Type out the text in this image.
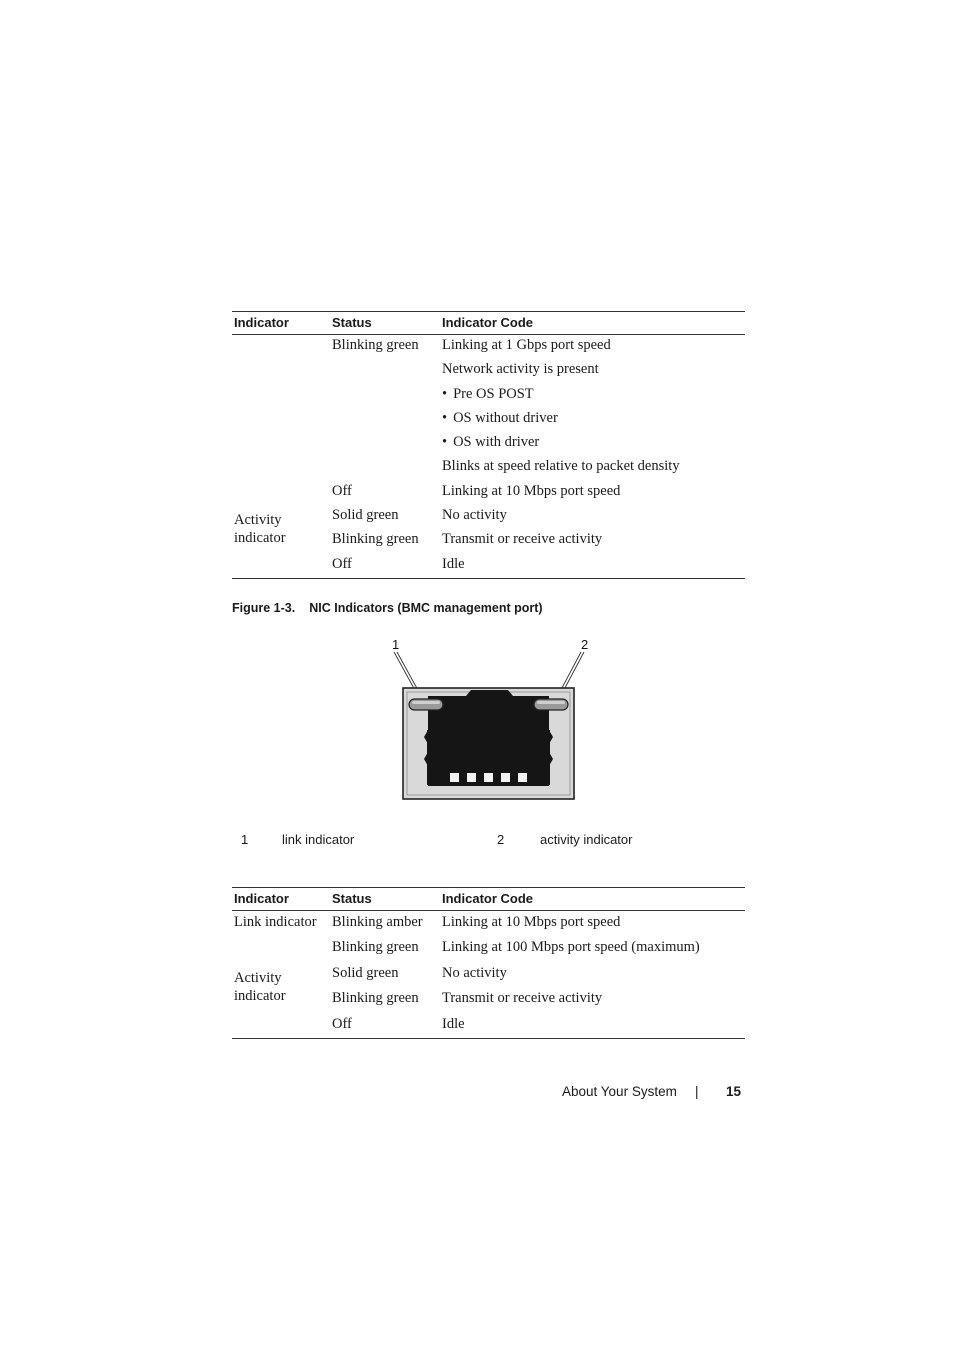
Indicator	Status	Indicator Code
	Blinking green	Linking at 1 Gbps port speed
		Network activity is present
		• Pre OS POST
		• OS without driver
		• OS with driver
		Blinks at speed relative to packet density
	Off	Linking at 10 Mbps port speed
Activity indicator	Solid green	No activity
	Blinking green	Transmit or receive activity
	Off	Idle
Figure 1-3. NIC Indicators (BMC management port)
1	2
1	link indicator	2	activity indicator
Indicator	Status	Indicator Code
Link indicator	Blinking amber	Linking at 10 Mbps port speed
	Blinking green	Linking at 100 Mbps port speed (maximum)
Activity indicator	Solid green	No activity
	Blinking green	Transmit or receive activity
	Off	Idle
About Your System | 15
